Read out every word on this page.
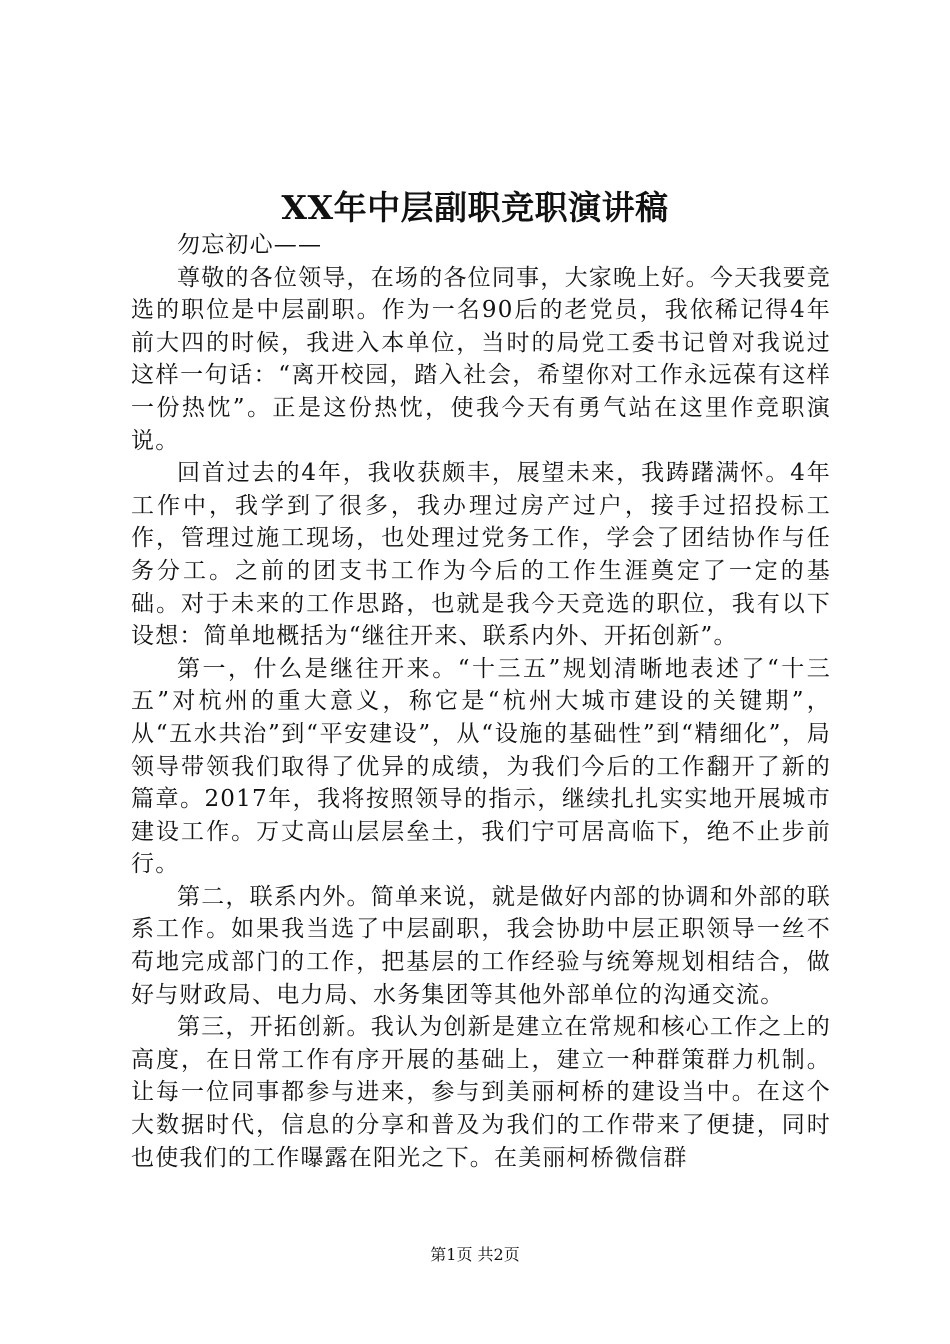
XX年中层副职竞职演讲稿

勿忘初心——

尊敬的各位领导，在场的各位同事，大家晚上好。今天我要竞选的职位是中层副职。作为一名90后的老党员，我依稀记得4年前大四的时候，我进入本单位，当时的局党工委书记曾对我说过这样一句话：“离开校园，踏入社会，希望你对工作永远葆有这样一份热忱”。正是这份热忱，使我今天有勇气站在这里作竞职演说。

回首过去的4年，我收获颇丰，展望未来，我踌躇满怀。4年工作中，我学到了很多，我办理过房产过户，接手过招投标工作，管理过施工现场，也处理过党务工作，学会了团结协作与任务分工。之前的团支书工作为今后的工作生涯奠定了一定的基础。对于未来的工作思路，也就是我今天竞选的职位，我有以下设想：简单地概括为“继往开来、联系内外、开拓创新”。

第一，什么是继往开来。“十三五”规划清晰地表述了“十三五”对杭州的重大意义，称它是“杭州大城市建设的关键期”，从“五水共治”到“平安建设”，从“设施的基础性”到“精细化”，局领导带领我们取得了优异的成绩，为我们今后的工作翻开了新的篇章。2017年，我将按照领导的指示，继续扎扎实实地开展城市建设工作。万丈高山层层垒土，我们宁可居高临下，绝不止步前行。

第二，联系内外。简单来说，就是做好内部的协调和外部的联系工作。如果我当选了中层副职，我会协助中层正职领导一丝不苟地完成部门的工作，把基层的工作经验与统筹规划相结合，做好与财政局、电力局、水务集团等其他外部单位的沟通交流。

第三，开拓创新。我认为创新是建立在常规和核心工作之上的高度，在日常工作有序开展的基础上，建立一种群策群力机制。让每一位同事都参与进来，参与到美丽柯桥的建设当中。在这个大数据时代，信息的分享和普及为我们的工作带来了便捷，同时也使我们的工作曝露在阳光之下。在美丽柯桥微信群

第1页 共2页
